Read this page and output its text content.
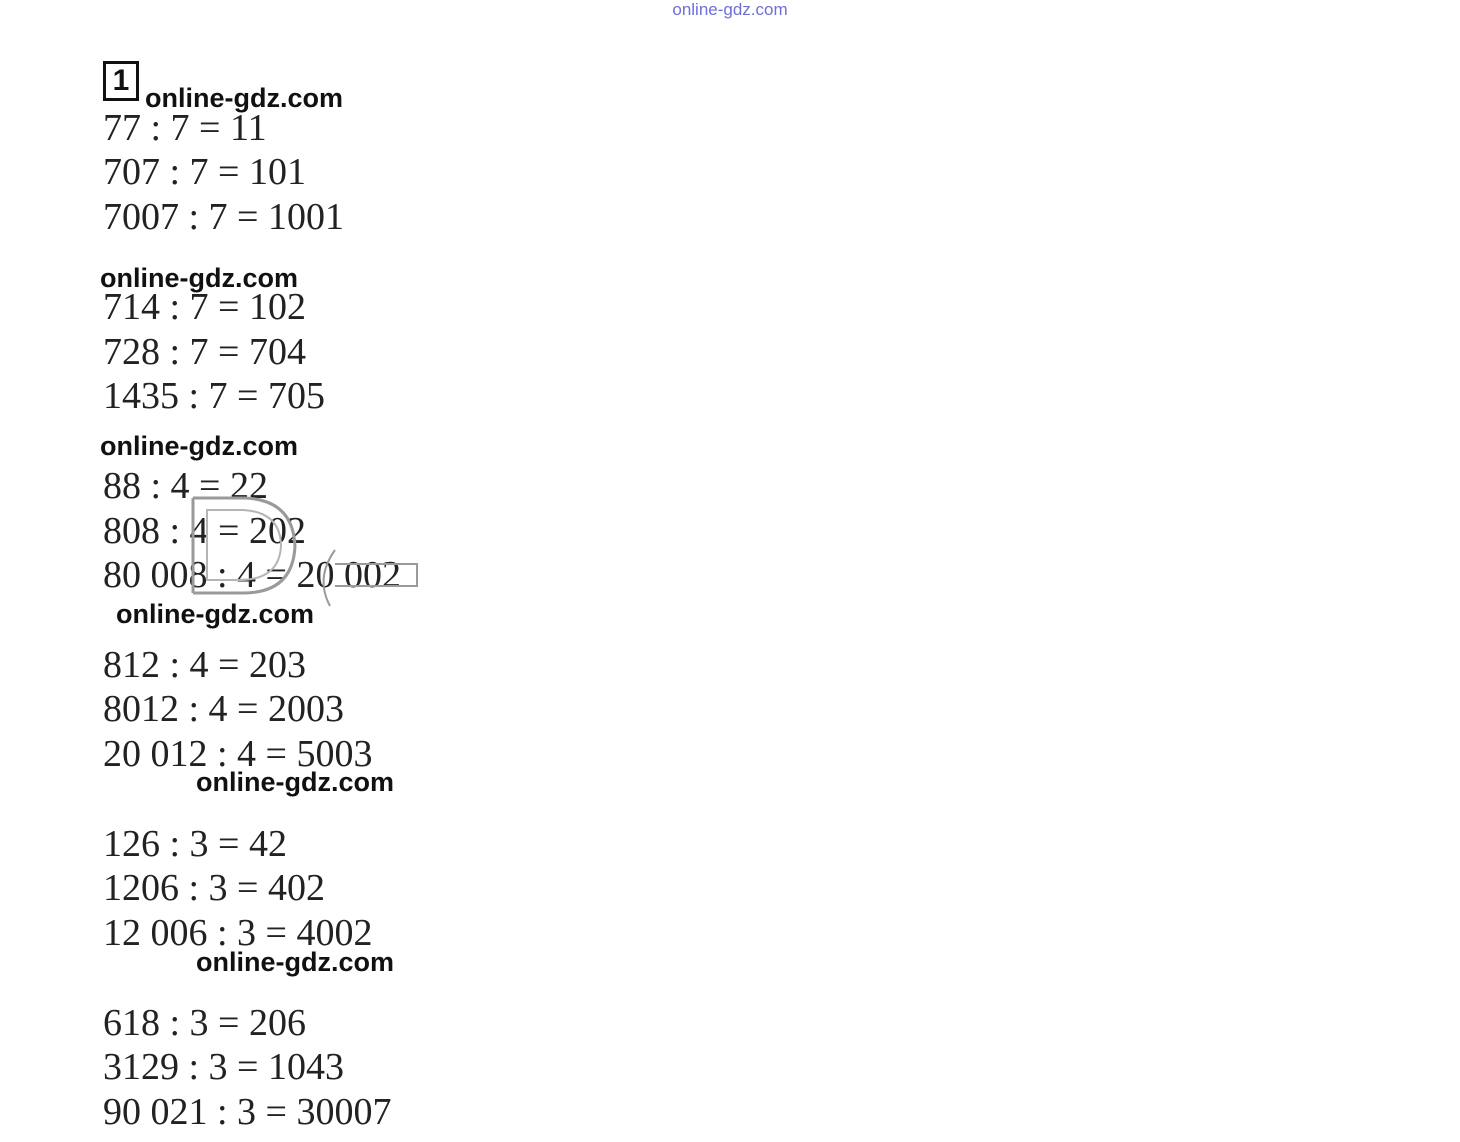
online-gdz.com
1
online-gdz.com
online-gdz.com
online-gdz.com
online-gdz.com
online-gdz.com
online-gdz.com
77 : 7 = 11
707 : 7 = 101
7007 : 7 = 1001
714 : 7 = 102
728 : 7 = 704
1435 : 7 = 705
88 : 4 = 22
808 : 4 = 202
80 008 : 4 = 20 002
812 : 4 = 203
8012 : 4 = 2003
20 012 : 4 = 5003
126 : 3 = 42
1206 : 3 = 402
12 006 : 3 = 4002
618 : 3 = 206
3129 : 3 = 1043
90 021 : 3 = 30007
